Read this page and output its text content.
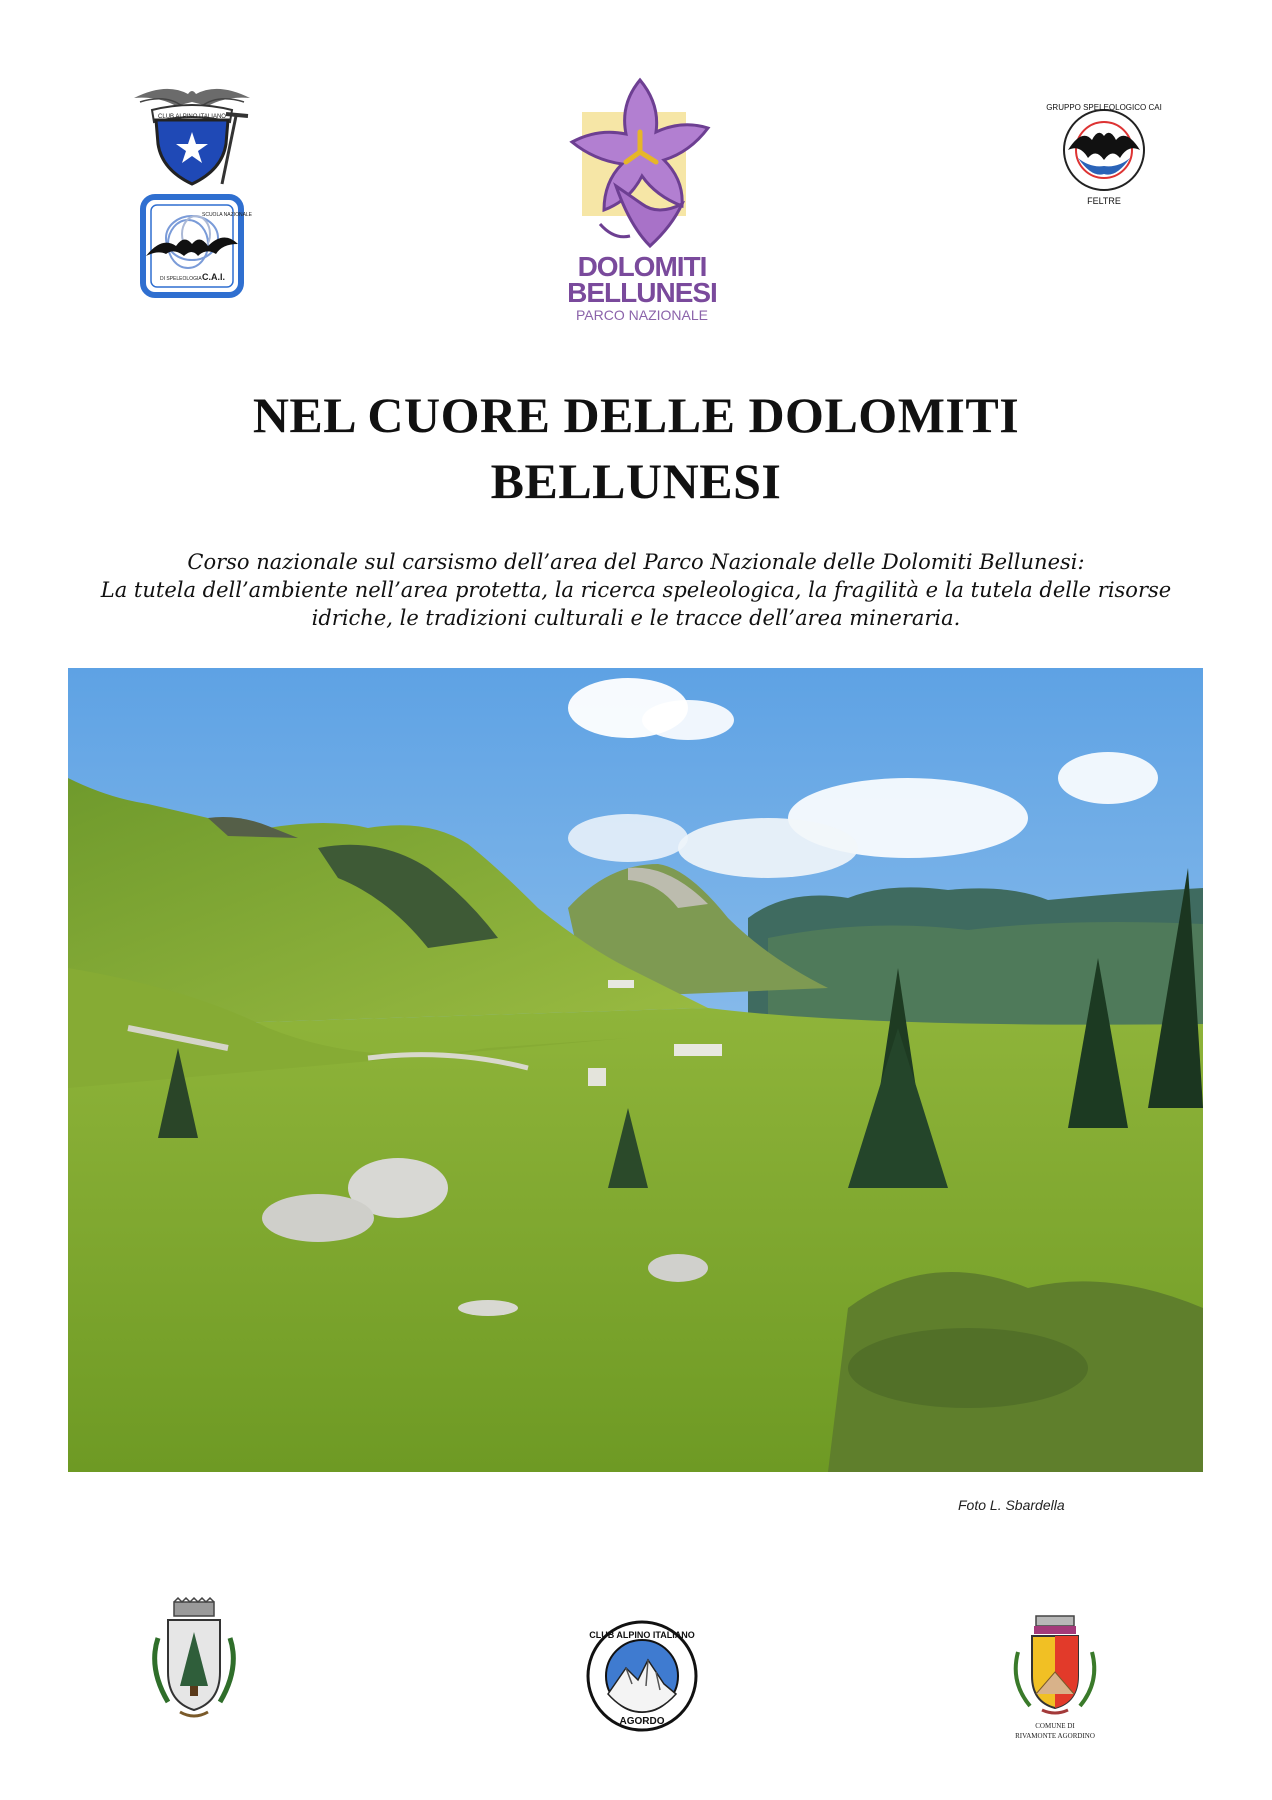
CLUB ALPINO ITALIANO
SCUOLA NAZIONALE
DI SPELEOLOGIA C.A.I.	DOLOMITI
BELLUNESI
PARCO NAZIONALE
GRUPPO SPELEOLOGICO CAI
FELTRE
NEL CUORE DELLE DOLOMITI
BELLUNESI
Corso nazionale sul carsismo dell’area del Parco Nazionale delle Dolomiti Bellunesi:
La tutela dell’ambiente nell’area protetta, la ricerca speleologica, la fragilità e la tutela delle risorse
idriche, le tradizioni culturali e le tracce dell’area mineraria.
Foto L. Sbardella
CLUB ALPINO ITALIANO
AGORDO	COMUNE DI
RIVAMONTE AGORDINO
